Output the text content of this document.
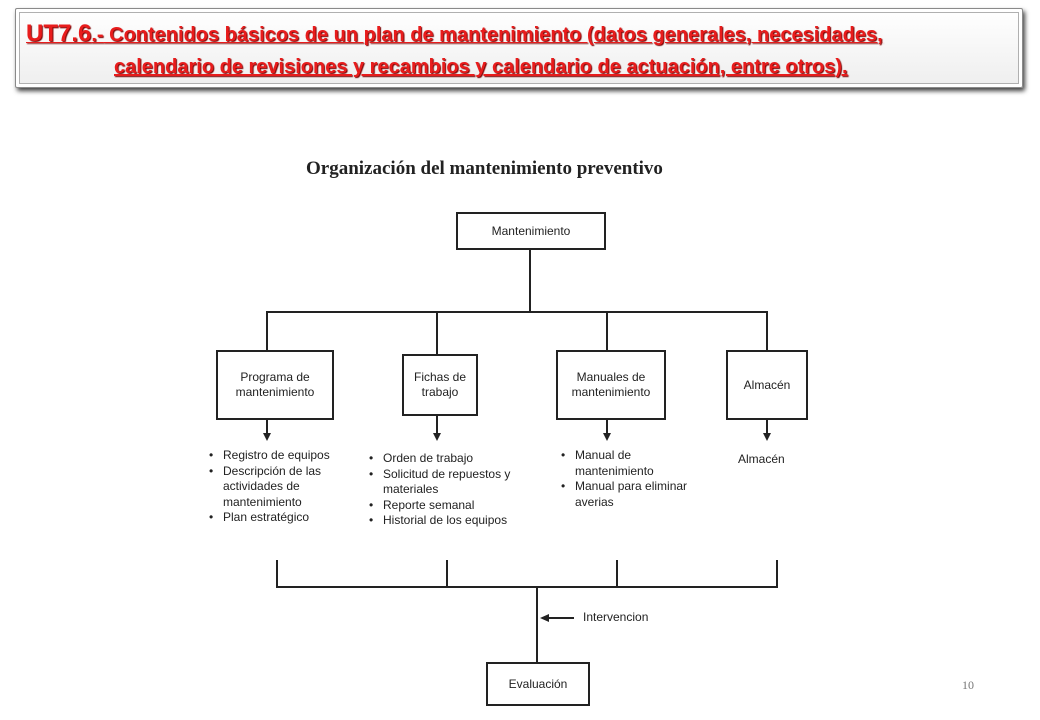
UT7.6.- Contenidos básicos de un plan de mantenimiento (datos generales, necesidades,
calendario de revisiones y recambios y calendario de actuación, entre otros).
Organización del mantenimiento preventivo
Mantenimiento
Programa de
mantenimiento
Fichas de
trabajo
Manuales de
mantenimiento
Almacén
• Registro de equipos
• Descripción de las actividades de mantenimiento
• Plan estratégico
• Orden de trabajo
• Solicitud de repuestos y materiales
• Reporte semanal
• Historial de los equipos
• Manual de mantenimiento
• Manual para eliminar averias
Almacén
Intervencion
Evaluación	10
